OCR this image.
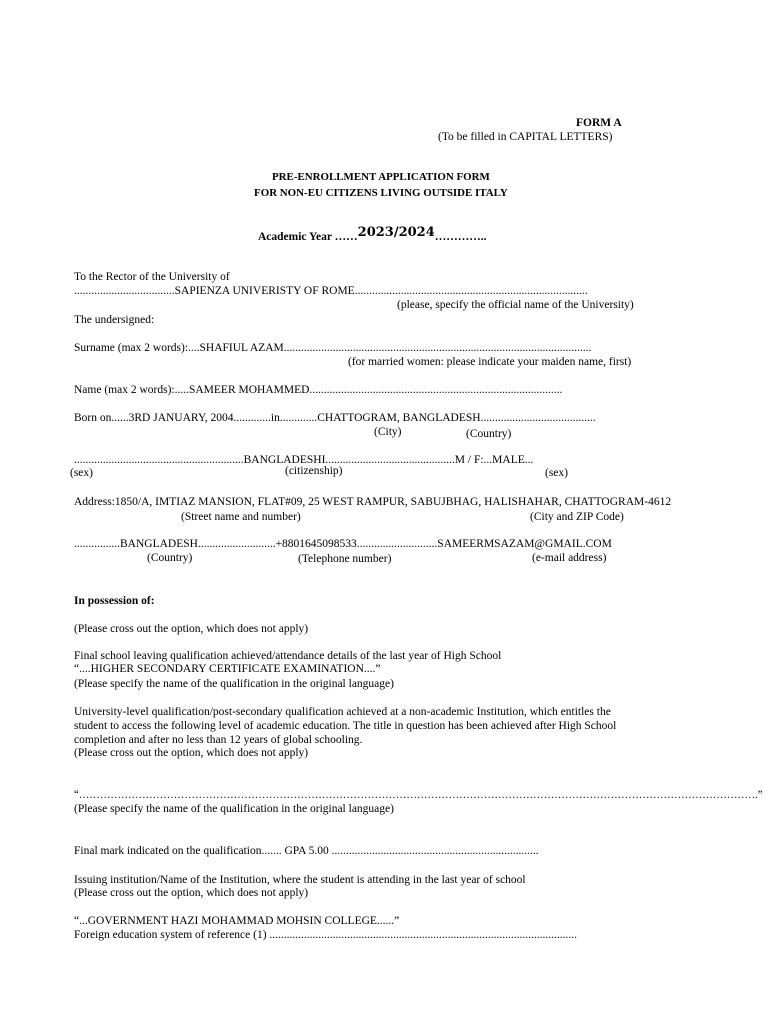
FORM A
(To be filled in CAPITAL LETTERS)
PRE-ENROLLMENT APPLICATION FORM
FOR NON-EU CITIZENS LIVING OUTSIDE ITALY
Academic Year ……2023/2024…………..
To the Rector of the University of
...................................SAPIENZA UNIVERISTY OF ROME.................................................................................
(please, specify the official name of the University)
The undersigned:
Surname (max 2 words):....SHAFIUL AZAM...........................................................................................................
(for married women: please indicate your maiden name, first)
Name (max 2 words):.....SAMEER MOHAMMED........................................................................................
Born on......3RD JANUARY, 2004.............in.............CHATTOGRAM, BANGLADESH........................................
(City)	(Country)
...........................................................BANGLADESHI.............................................M / F:...MALE...
(sex)	(citizenship)	(sex)
Address:1850/A, IMTIAZ MANSION, FLAT#09, 25 WEST RAMPUR, SABUJBHAG, HALISHAHAR, CHATTOGRAM-4612
(Street name and number)	(City and ZIP Code)
................BANGLADESH...........................+8801645098533............................SAMEERMSAZAM@GMAIL.COM
(Country)	(Telephone number)	(e-mail address)
In possession of:
(Please cross out the option, which does not apply)
Final school leaving qualification achieved/attendance details of the last year of High School
“....HIGHER SECONDARY CERTIFICATE EXAMINATION....”
(Please specify the name of the qualification in the original language)
University-level qualification/post-secondary qualification achieved at a non-academic Institution, which entitles the
student to access the following level of academic education. The title in question has been achieved after High School
completion and after no less than 12 years of global schooling.
(Please cross out the option, which does not apply)
“………………………………………………………………………………………………………………………………………………………………………….”
(Please specify the name of the qualification in the original language)
Final mark indicated on the qualification....... GPA 5.00 ........................................................................
Issuing institution/Name of the Institution, where the student is attending in the last year of school
(Please cross out the option, which does not apply)
“...GOVERNMENT HAZI MOHAMMAD MOHSIN COLLEGE......”
Foreign education system of reference (1) ...........................................................................................................
